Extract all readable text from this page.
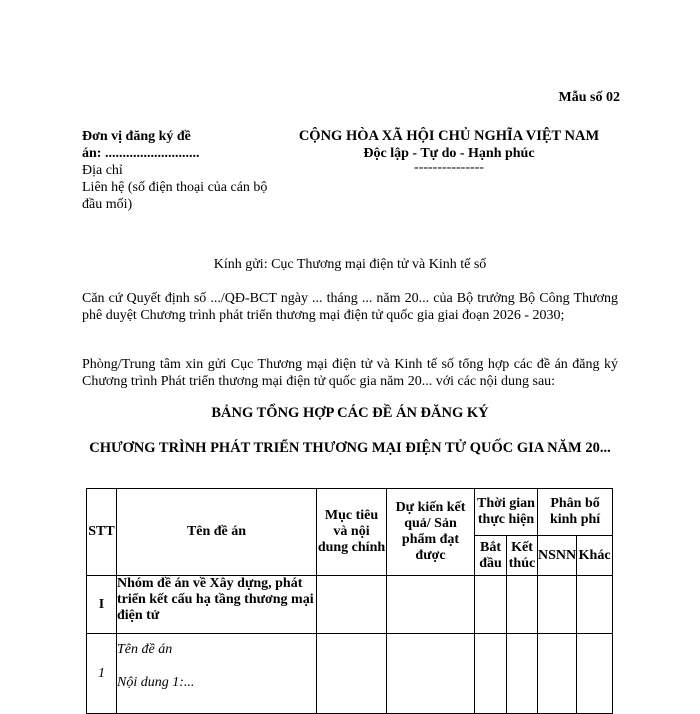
Mẫu số 02
Đơn vị đăng ký đề
án: ...........................
Địa chỉ
Liên hệ (số điện thoại của cán bộ đầu mối)
CỘNG HÒA XÃ HỘI CHỦ NGHĨA VIỆT NAM
Độc lập - Tự do - Hạnh phúc
---------------
Kính gửi: Cục Thương mại điện tử và Kinh tế số
Căn cứ Quyết định số .../QĐ-BCT ngày ... tháng ... năm 20... của Bộ trưởng Bộ Công Thương phê duyệt Chương trình phát triển thương mại điện tử quốc gia giai đoạn 2026 - 2030;
Phòng/Trung tâm xin gửi Cục Thương mại điện tử và Kinh tế số tổng hợp các đề án đăng ký Chương trình Phát triển thương mại điện tử quốc gia năm 20... với các nội dung sau:
BẢNG TỔNG HỢP CÁC ĐỀ ÁN ĐĂNG KÝ
CHƯƠNG TRÌNH PHÁT TRIỂN THƯƠNG MẠI ĐIỆN TỬ QUỐC GIA NĂM 20...
STT	Tên đề án	Mục tiêu và nội dung chính	Dự kiến kết quả/ Sản phẩm đạt được	Thời gian thực hiện		Phân bổ kinh phí	
				Bắt đầu	Kết thúc	NSNN	Khác
I	Nhóm đề án về Xây dựng, phát triển kết cấu hạ tầng thương mại điện tử						
1	Tên đề án
Nội dung 1:...						
